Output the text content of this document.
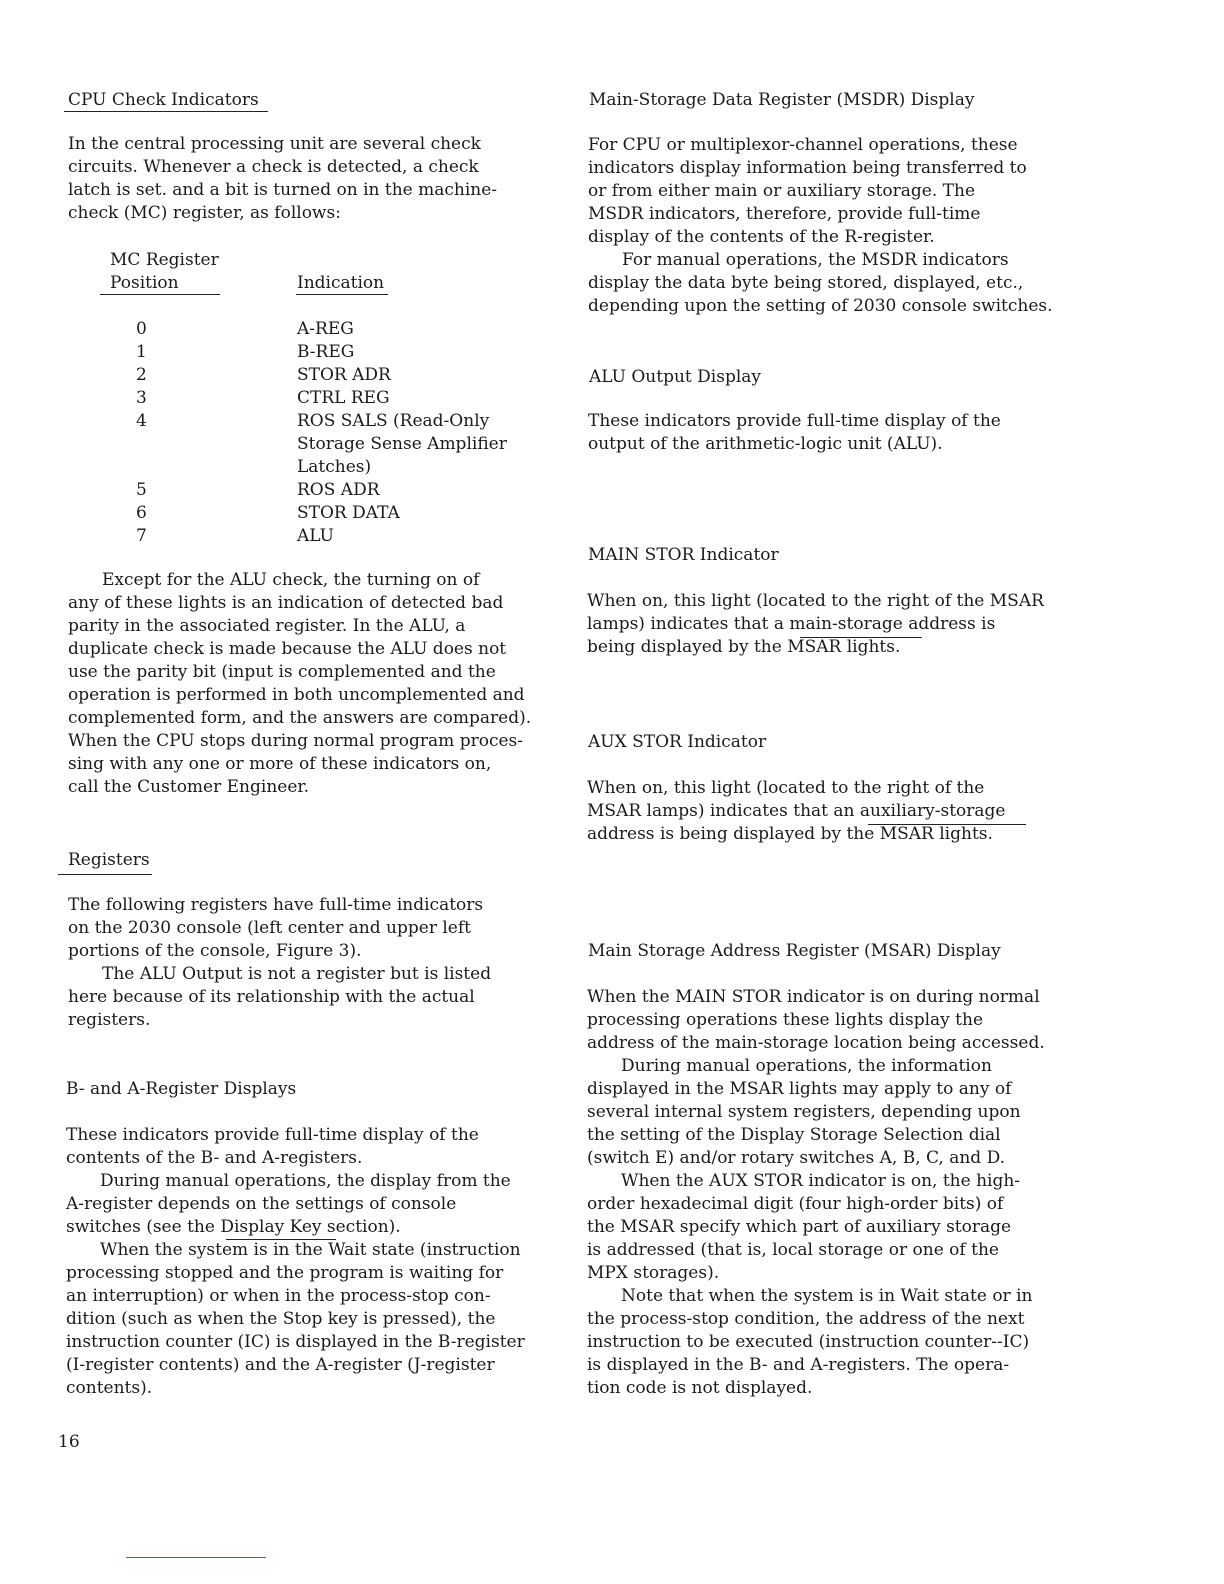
CPU Check Indicators
In the central processing unit are several check
circuits. Whenever a check is detected, a check
latch is set. and a bit is turned on in the machine-
check (MC) register, as follows:
MC Register
Position	Indication
0	A-REG
1	B-REG
2	STOR ADR
3	CTRL REG
4	ROS SALS (Read-Only
Storage Sense Amplifier
Latches)
5	ROS ADR
6	STOR DATA
7	ALU
Except for the ALU check, the turning on of
any of these lights is an indication of detected bad
parity in the associated register. In the ALU, a
duplicate check is made because the ALU does not
use the parity bit (input is complemented and the
operation is performed in both uncomplemented and
complemented form, and the answers are compared).
When the CPU stops during normal program proces-
sing with any one or more of these indicators on,
call the Customer Engineer.
Registers
The following registers have full-time indicators
on the 2030 console (left center and upper left
portions of the console, Figure 3).
The ALU Output is not a register but is listed
here because of its relationship with the actual
registers.
B- and A-Register Displays
These indicators provide full-time display of the
contents of the B- and A-registers.
During manual operations, the display from the
A-register depends on the settings of console
switches (see the Display Key section).
When the system is in the Wait state (instruction
processing stopped and the program is waiting for
an interruption) or when in the process-stop con-
dition (such as when the Stop key is pressed), the
instruction counter (IC) is displayed in the B-register
(I-register contents) and the A-register (J-register
contents).
16
Main-Storage Data Register (MSDR) Display
For CPU or multiplexor-channel operations, these
indicators display information being transferred to
or from either main or auxiliary storage. The
MSDR indicators, therefore, provide full-time
display of the contents of the R-register.
For manual operations, the MSDR indicators
display the data byte being stored, displayed, etc.,
depending upon the setting of 2030 console switches.
ALU Output Display
These indicators provide full-time display of the
output of the arithmetic-logic unit (ALU).
MAIN STOR Indicator
When on, this light (located to the right of the MSAR
lamps) indicates that a main-storage address is
being displayed by the MSAR lights.
AUX STOR Indicator
When on, this light (located to the right of the
MSAR lamps) indicates that an auxiliary-storage
address is being displayed by the MSAR lights.
Main Storage Address Register (MSAR) Display
When the MAIN STOR indicator is on during normal
processing operations these lights display the
address of the main-storage location being accessed.
During manual operations, the information
displayed in the MSAR lights may apply to any of
several internal system registers, depending upon
the setting of the Display Storage Selection dial
(switch E) and/or rotary switches A, B, C, and D.
When the AUX STOR indicator is on, the high-
order hexadecimal digit (four high-order bits) of
the MSAR specify which part of auxiliary storage
is addressed (that is, local storage or one of the
MPX storages).
Note that when the system is in Wait state or in
the process-stop condition, the address of the next
instruction to be executed (instruction counter--IC)
is displayed in the B- and A-registers. The opera-
tion code is not displayed.
